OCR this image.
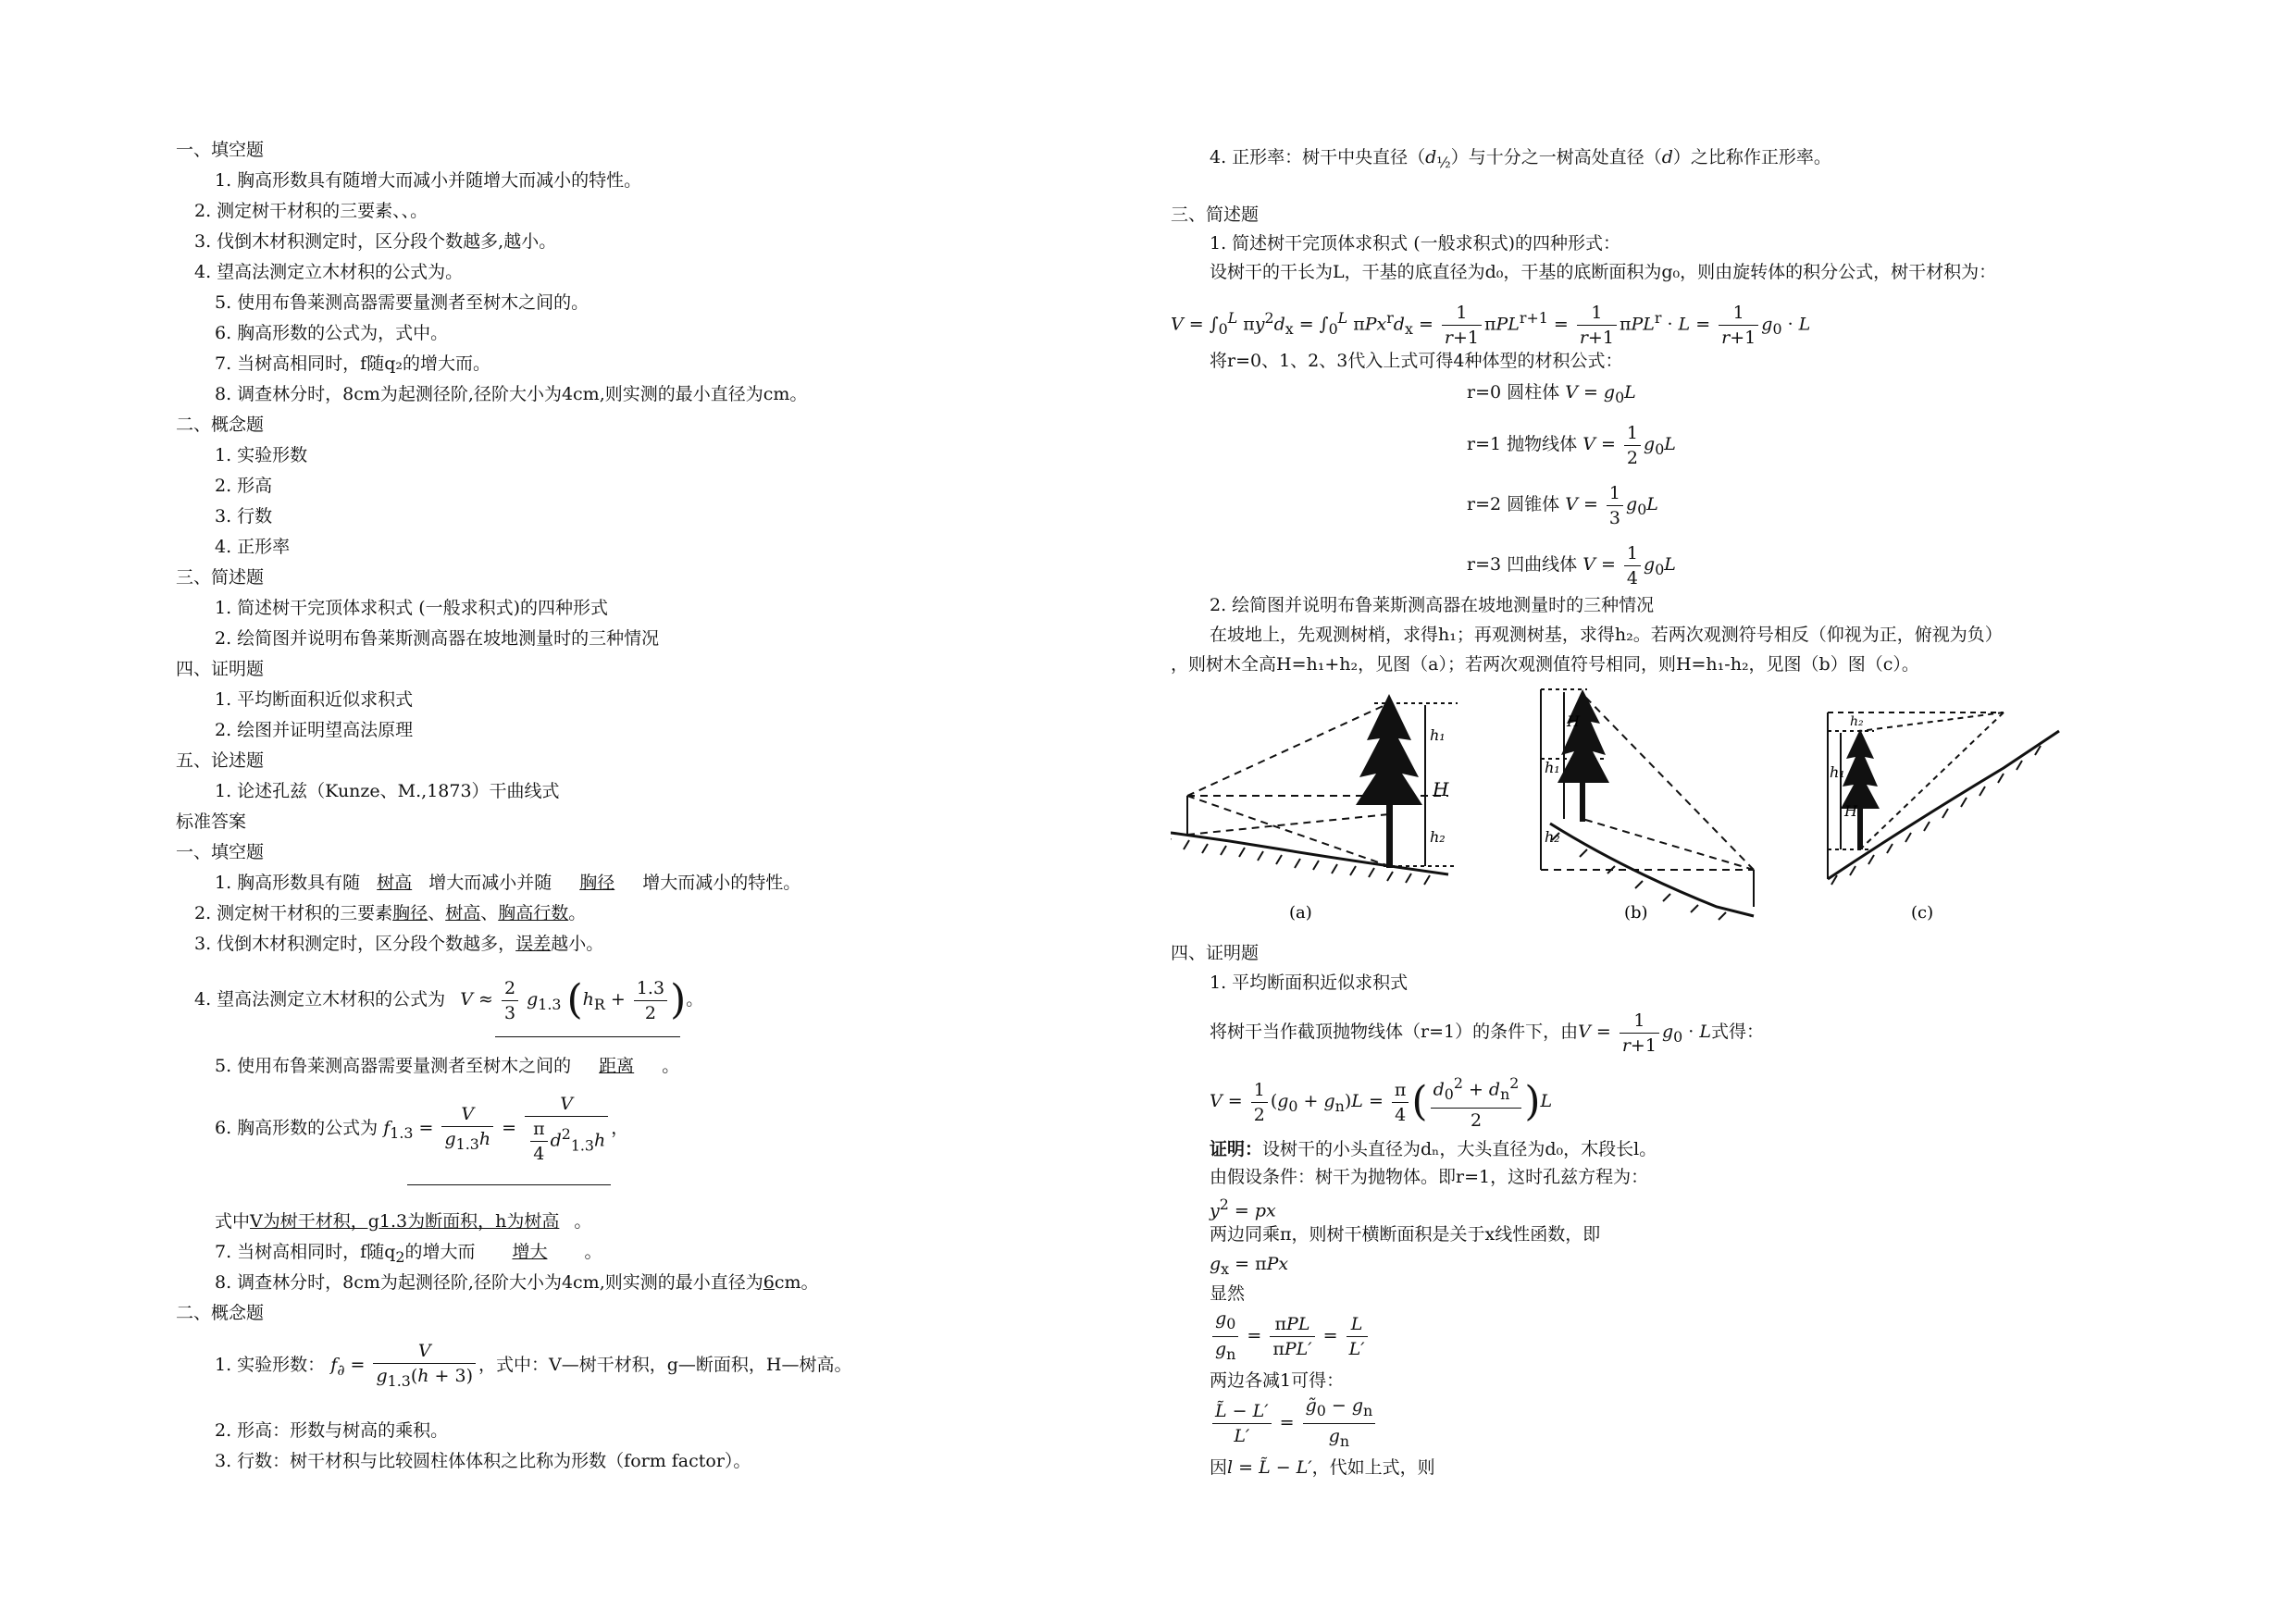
一、填空题
1. 胸高形数具有随增大而减小并随增大而减小的特性。
2. 测定树干材积的三要素、、。
3. 伐倒木材积测定时，区分段个数越多,越小。
4. 望高法测定立木材积的公式为。
5. 使用布鲁莱测高器需要量测者至树木之间的。
6. 胸高形数的公式为，式中。
7. 当树高相同时，f随q₂的增大而。
8. 调查林分时，8cm为起测径阶,径阶大小为4cm,则实测的最小直径为cm。
二、概念题
1. 实验形数
2. 形高
3. 行数
4. 正形率
三、简述题
1. 简述树干完顶体求积式 (一般求积式)的四种形式
2. 绘简图并说明布鲁莱斯测高器在坡地测量时的三种情况
四、证明题
1. 平均断面积近似求积式
2. 绘图并证明望高法原理
五、论述题
1. 论述孔兹（Kunze、M.,1873）干曲线式
标准答案
一、填空题
1. 胸高形数具有随 树高 增大而减小并随 胸径 增大而减小的特性。
2. 测定树干材积的三要素胸径、树高、胸高行数。
3. 伐倒木材积测定时，区分段个数越多，误差越小。
4. 望高法测定立木材积的公式为 $V \approx \frac{2}{3} g_{1.3}$ ($h_R + \frac{1.3}{2}$ )。
5. 使用布鲁莱测高器需要量测者至树木之间的 距离 。
6. 胸高形数的公式为 $f_{1.3} = \frac{V}{g_{1.3}h} = \frac{V}{\frac{\pi}{4} d^2_{1.3}h}$ ，
式中V为树干材积，g1.3为断面积，h为树高 。
7. 当树高相同时，f随$q_2$的增大而 增大 。
8. 调查林分时，8cm为起测径阶,径阶大小为4cm,则实测的最小直径为6cm。
二、概念题
1. 实验形数： $f_\partial = \frac{V}{g_{1.3}(h + 3)}$ ，式中：V—树干材积，g—断面积，H—树高。
2. 形高：形数与树高的乘积。
3. 行数：树干材积与比较圆柱体体积之比称为形数（form factor）。
4. 正形率：树干中央直径$(d_{\frac{1}{2}})$与十分之一树高处直径（d）之比称作正形率。
三、简述题
1. 简述树干完顶体求积式 (一般求积式)的四种形式：
设树干的干长为L，干基的底直径为d₀，干基的底断面积为g₀，则由旋转体的积分公式，树干材积为：
$V = \int_0^L$ $\pi y^2d_x = \int_0^L$ $\pi Px^rd_x = \frac{1}{r+1} \pi PL^{r+1} = \frac{1}{r+1} \pi PL^r \cdot L = \frac{1}{r+1} g_0 \cdot L$
将r=0、1、2、3代入上式可得4种体型的材积公式：
r=0 圆柱体 $V = g_0L$
r=1 抛物线体 $V = \frac{1}{2} g_0L$
r=2 圆锥体 $V = \frac{1}{3} g_0L$
r=3 凹曲线体 $V = \frac{1}{4} g_0L$
2. 绘简图并说明布鲁莱斯测高器在坡地测量时的三种情况
在坡地上，先观测树梢，求得h₁；再观测树基，求得h₂。若两次观测符号相反（仰视为正，俯视为负）
，则树木全高H=h₁+h₂，见图（a）；若两次观测值符号相同，则H=h₁-h₂，见图（b）图（c）。
h₁
H
h₂
(a)
H
h₁
h₂
(b)
h₂
h₁
H
(c)
四、证明题
1. 平均断面积近似求积式
将树干当作截顶抛物线体（r=1）的条件下，由$V = \frac{1}{r+1} g_0 \cdot L$式得：
$V = \frac{1}{2} (g_0 + g_n)L = \frac{\pi}{4}$ ( $\frac{d_0^2 + d_n^2}{2} )L$
证明：设树干的小头直径为dₙ，大头直径为d₀，木段长l。
由假设条件：树干为抛物体。即r=1，这时孔兹方程为：
$y^2$ = px
两边同乘π，则树干横断面积是关于x线性函数，即
$g_x = \pi Px$
显然
$\frac{g_0}{g_n} = \frac{\text{πPL}}{\text{πPL′}} = \frac{L}{L'}$
两边各减1可得：
$\frac{L̃ - L'}{L'} = \frac{g̃_0 - g_n}{g_n}$
因l = L̃ − L′，代如上式，则
